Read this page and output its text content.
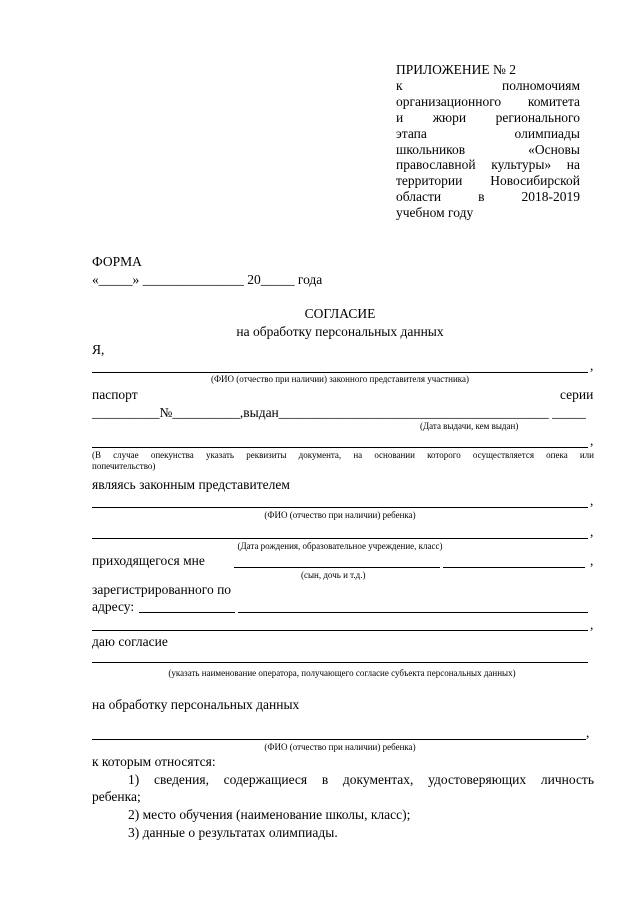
ПРИЛОЖЕНИЕ № 2
к полномочиям
организационного комитета
и жюри регионального
этапа олимпиады
школьников «Основы
православной культуры» на
территории Новосибирской
области в 2018-2019
учебном году
ФОРМА
«_____» _______________ 20_____ года
СОГЛАСИЕ
на обработку персональных данных
Я,
,
(ФИО (отчество при наличии) законного представителя участника)
паспорт	серии
__________№__________,выдан________________________________________ _____
(Дата выдачи, кем выдан)
,
(В случае опекунства указать реквизиты документа, на основании которого осуществляется опека или
попечительство)
являясь законным представителем
,
(ФИО (отчество при наличии) ребенка)
,
(Дата рождения, образовательное учреждение, класс)
приходящегося мне	,
(сын, дочь и т.д.)
зарегистрированного по
адресу:
,
даю согласие
(указать наименование оператора, получающего согласие субъекта персональных данных)
на обработку персональных данных
,
(ФИО (отчество при наличии) ребенка)
к которым относятся:
1) сведения, содержащиеся в документах, удостоверяющих личность
ребенка;
2) место обучения (наименование школы, класс);
3) данные о результатах олимпиады.
